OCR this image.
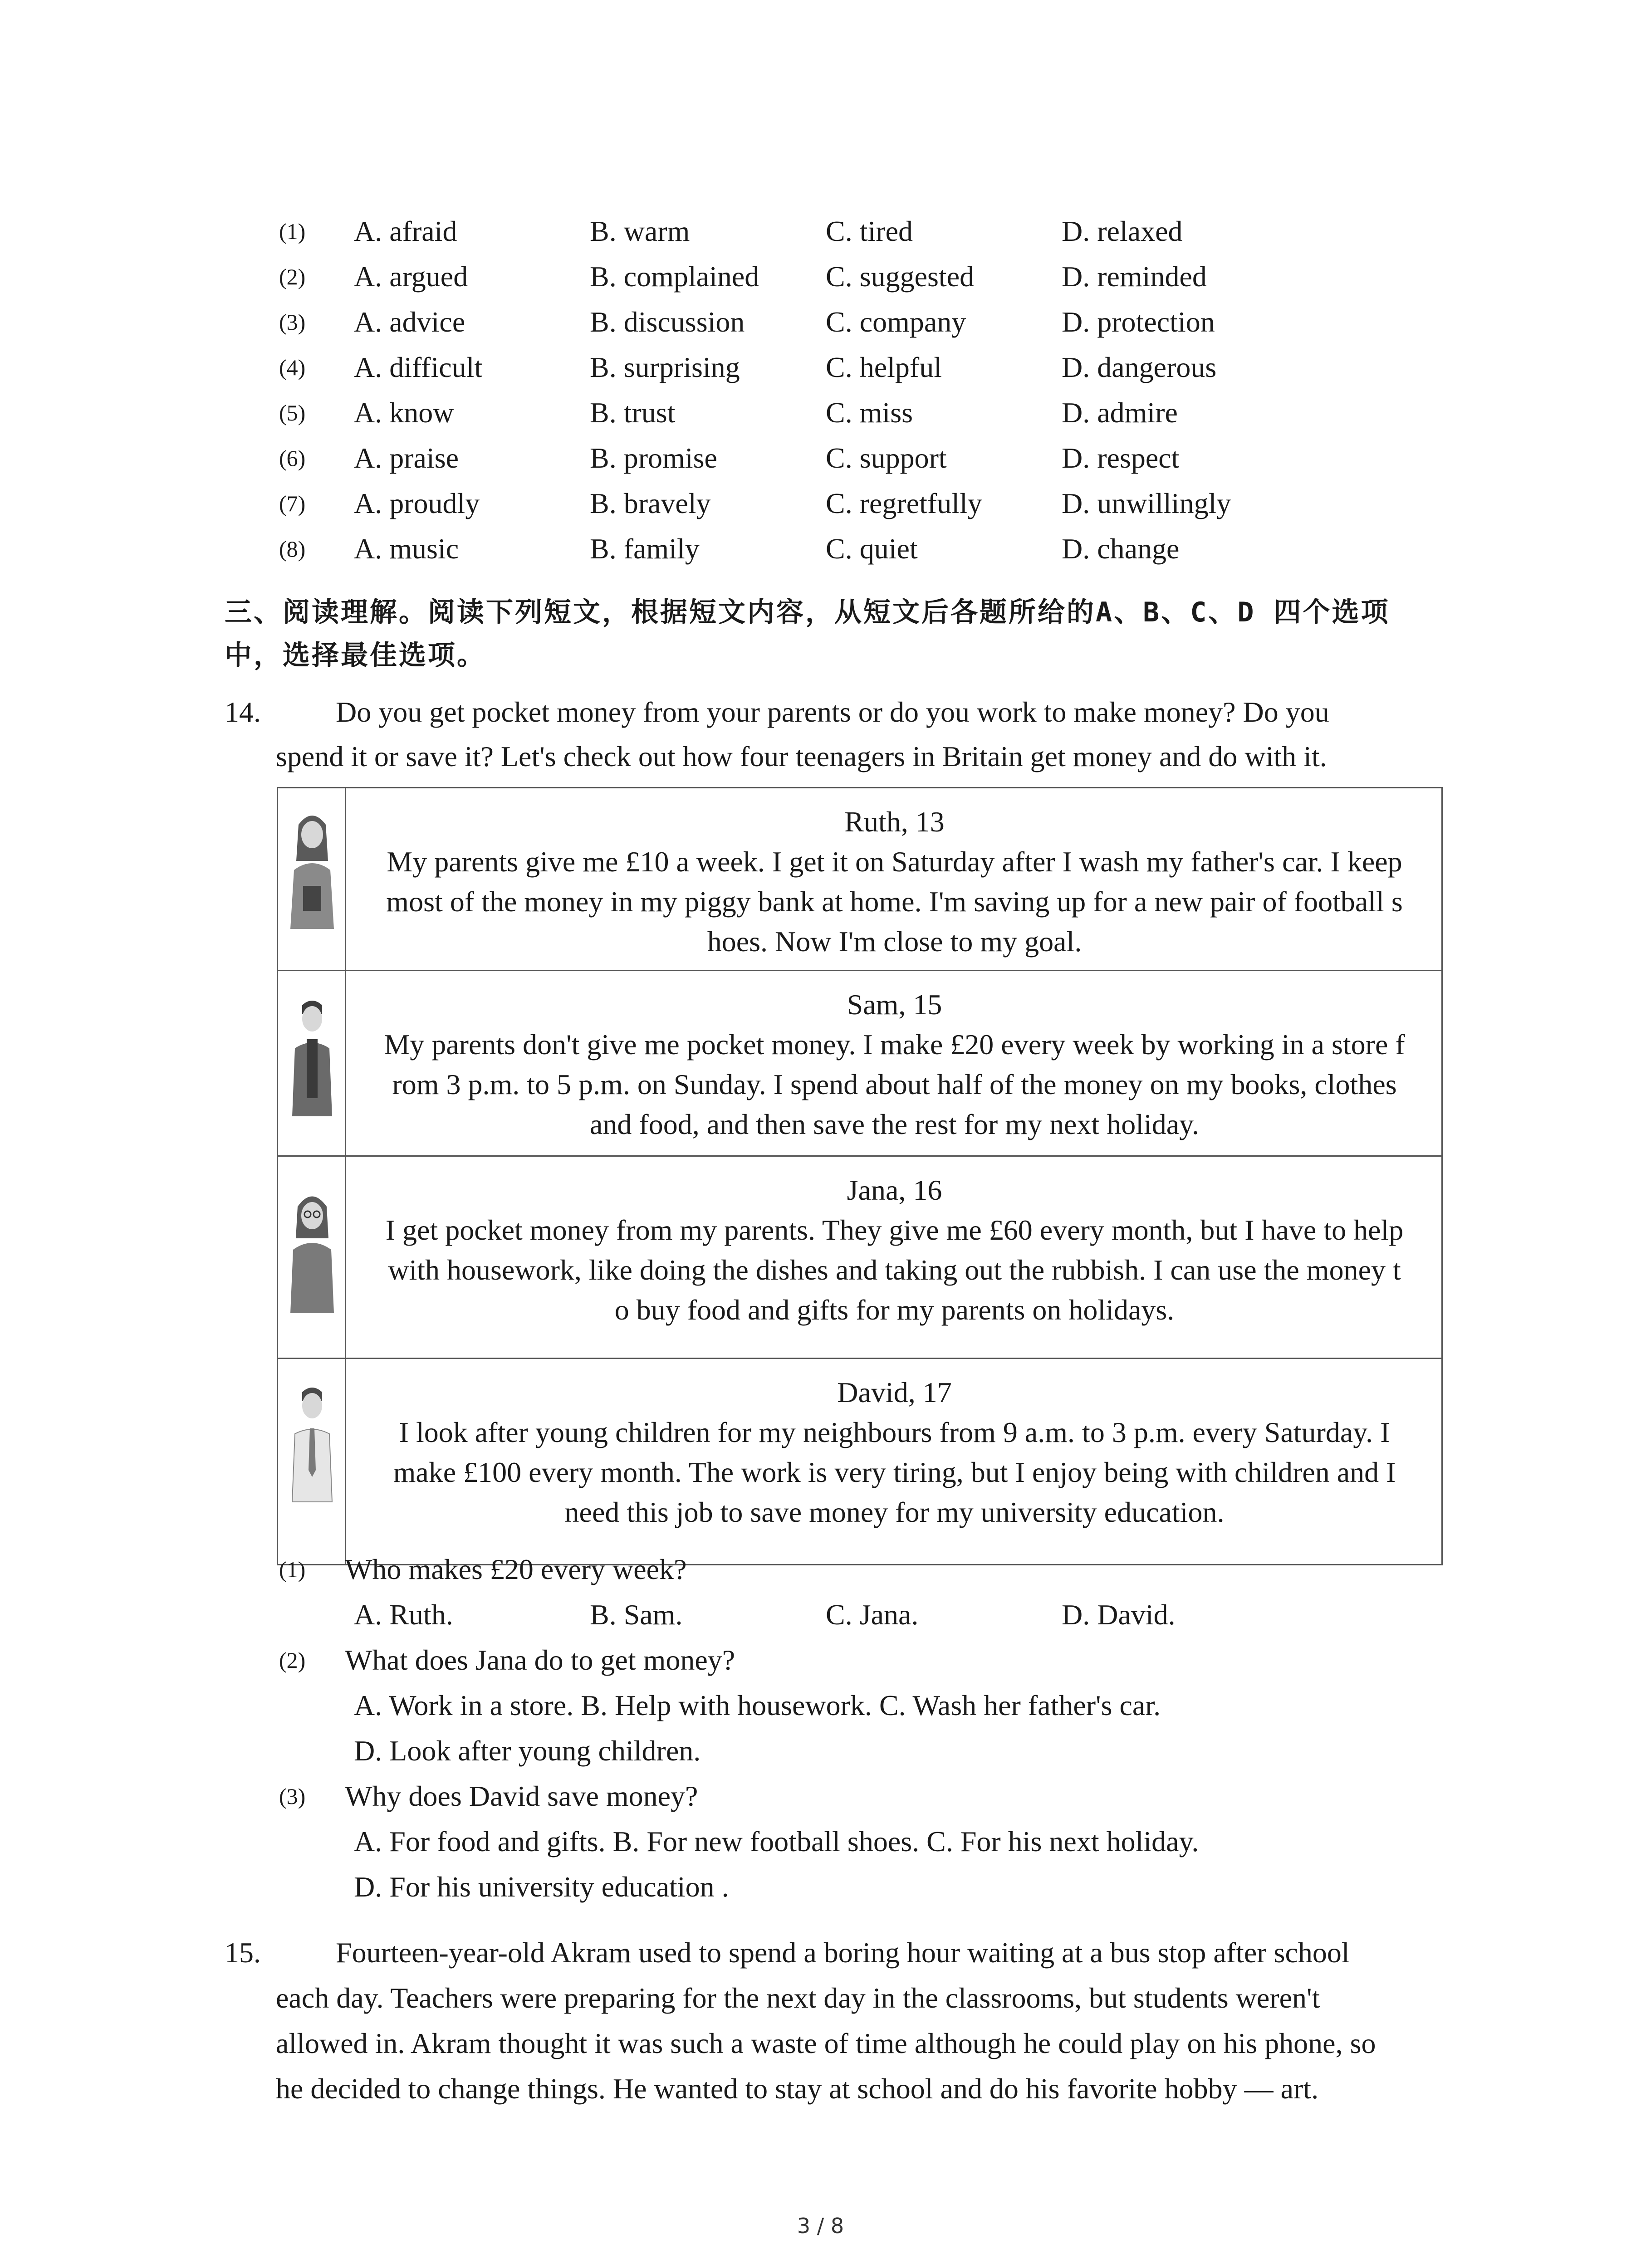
(1) A. afraid	B. warm	C. tired	D. relaxed
(2) A. argued	B. complained C. suggested	D. reminded
(3) A. advice	B. discussion	C. company	D. protection
(4) A. difficult	B. surprising	C. helpful	D. dangerous
(5) A. know	B. trust	C. miss	D. admire
(6) A. praise	B. promise	C. support	D. respect
(7) A. proudly	B. bravely	C. regretfully	D. unwillingly
(8) A. music	B. family	C. quiet	D. change
三、阅读理解。阅读下列短文，根据短文内容，从短文后各题所给的A、B、C、D 四个选项
中，选择最佳选项。
14.	Do you get pocket money from your parents or do you work to make money? Do you
spend it or save it? Let's check out how four teenagers in Britain get money and do with it.
Ruth, 13
My parents give me £10 a week. I get it on Saturday after I wash my father's car. I keep
most of the money in my piggy bank at home. I'm saving up for a new pair of football s
hoes. Now I'm close to my goal.
Sam, 15
My parents don't give me pocket money. I make £20 every week by working in a store f
rom 3 p.m. to 5 p.m. on Sunday. I spend about half of the money on my books, clothes
and food, and then save the rest for my next holiday.
Jana, 16
I get pocket money from my parents. They give me £60 every month, but I have to help
with housework, like doing the dishes and taking out the rubbish. I can use the money t
o buy food and gifts for my parents on holidays.
David, 17
I look after young children for my neighbours from 9 a.m. to 3 p.m. every Saturday. I
make £100 every month. The work is very tiring, but I enjoy being with children and I
need this job to save money for my university education.
(1) Who makes £20 every week?
A. Ruth.	B. Sam.	C. Jana.	D. David.
(2) What does Jana do to get money?
A. Work in a store. B. Help with housework. C. Wash her father's car.
D. Look after young children.
(3) Why does David save money?
A. For food and gifts. B. For new football shoes. C. For his next holiday.
D. For his university education .
15.	Fourteen-year-old Akram used to spend a boring hour waiting at a bus stop after school
each day. Teachers were preparing for the next day in the classrooms, but students weren't
allowed in. Akram thought it was such a waste of time although he could play on his phone, so
he decided to change things. He wanted to stay at school and do his favorite hobby — art.
3 / 8
